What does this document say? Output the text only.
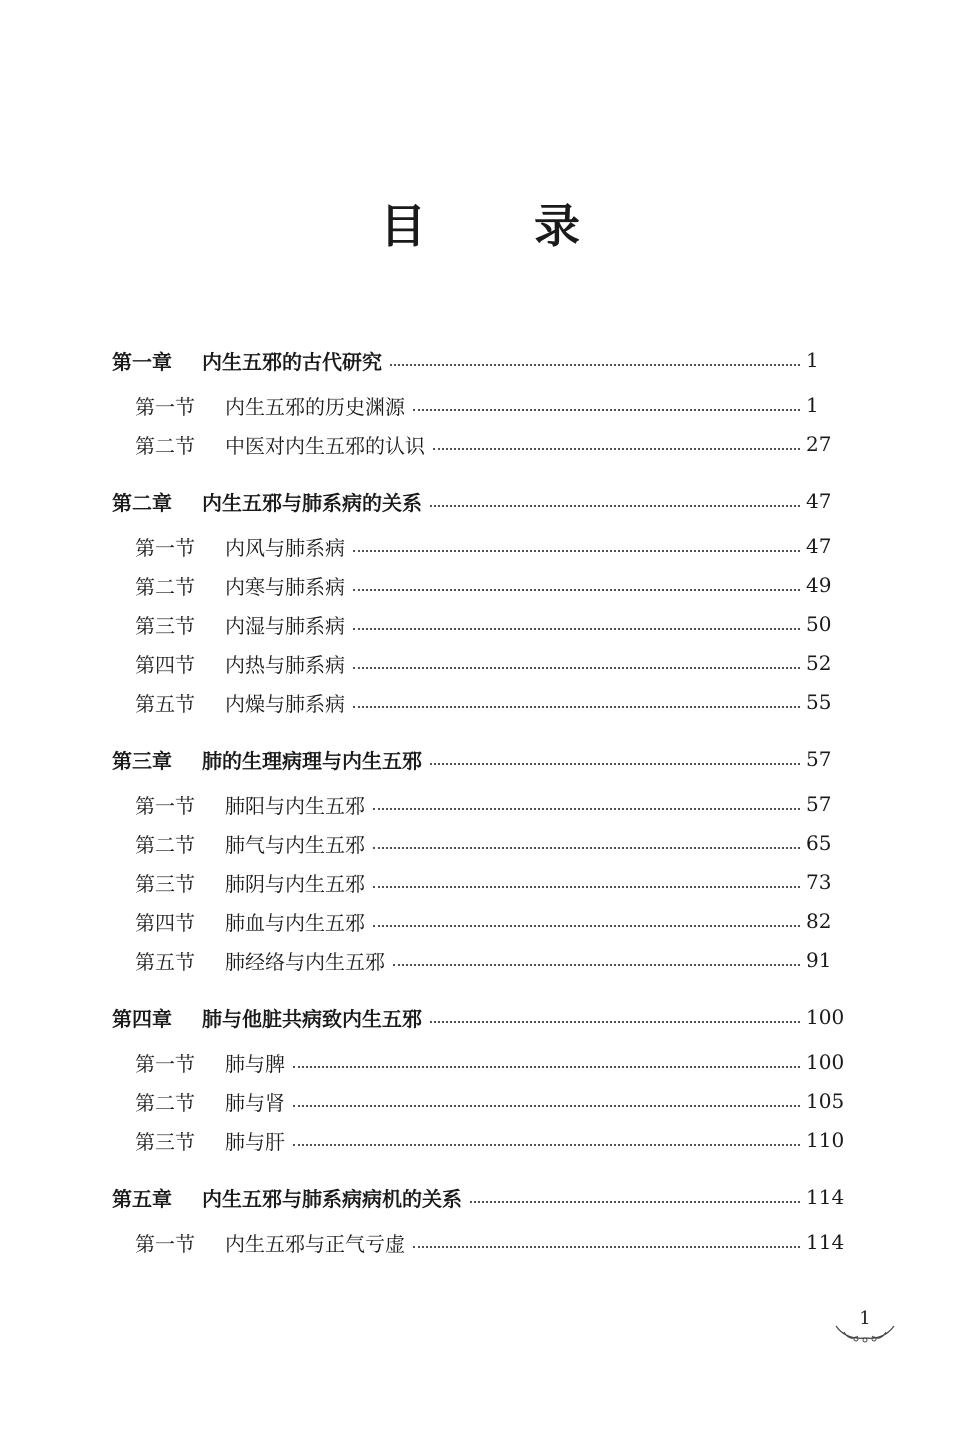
目 录
第一章	内生五邪的古代研究	1
第一节	内生五邪的历史渊源	1
第二节	中医对内生五邪的认识	27
第二章	内生五邪与肺系病的关系	47
第一节	内风与肺系病	47
第二节	内寒与肺系病	49
第三节	内湿与肺系病	50
第四节	内热与肺系病	52
第五节	内燥与肺系病	55
第三章	肺的生理病理与内生五邪	57
第一节	肺阳与内生五邪	57
第二节	肺气与内生五邪	65
第三节	肺阴与内生五邪	73
第四节	肺血与内生五邪	82
第五节	肺经络与内生五邪	91
第四章	肺与他脏共病致内生五邪	100
第一节	肺与脾	100
第二节	肺与肾	105
第三节	肺与肝	110
第五章	内生五邪与肺系病病机的关系	114
第一节	内生五邪与正气亏虚	114
1
